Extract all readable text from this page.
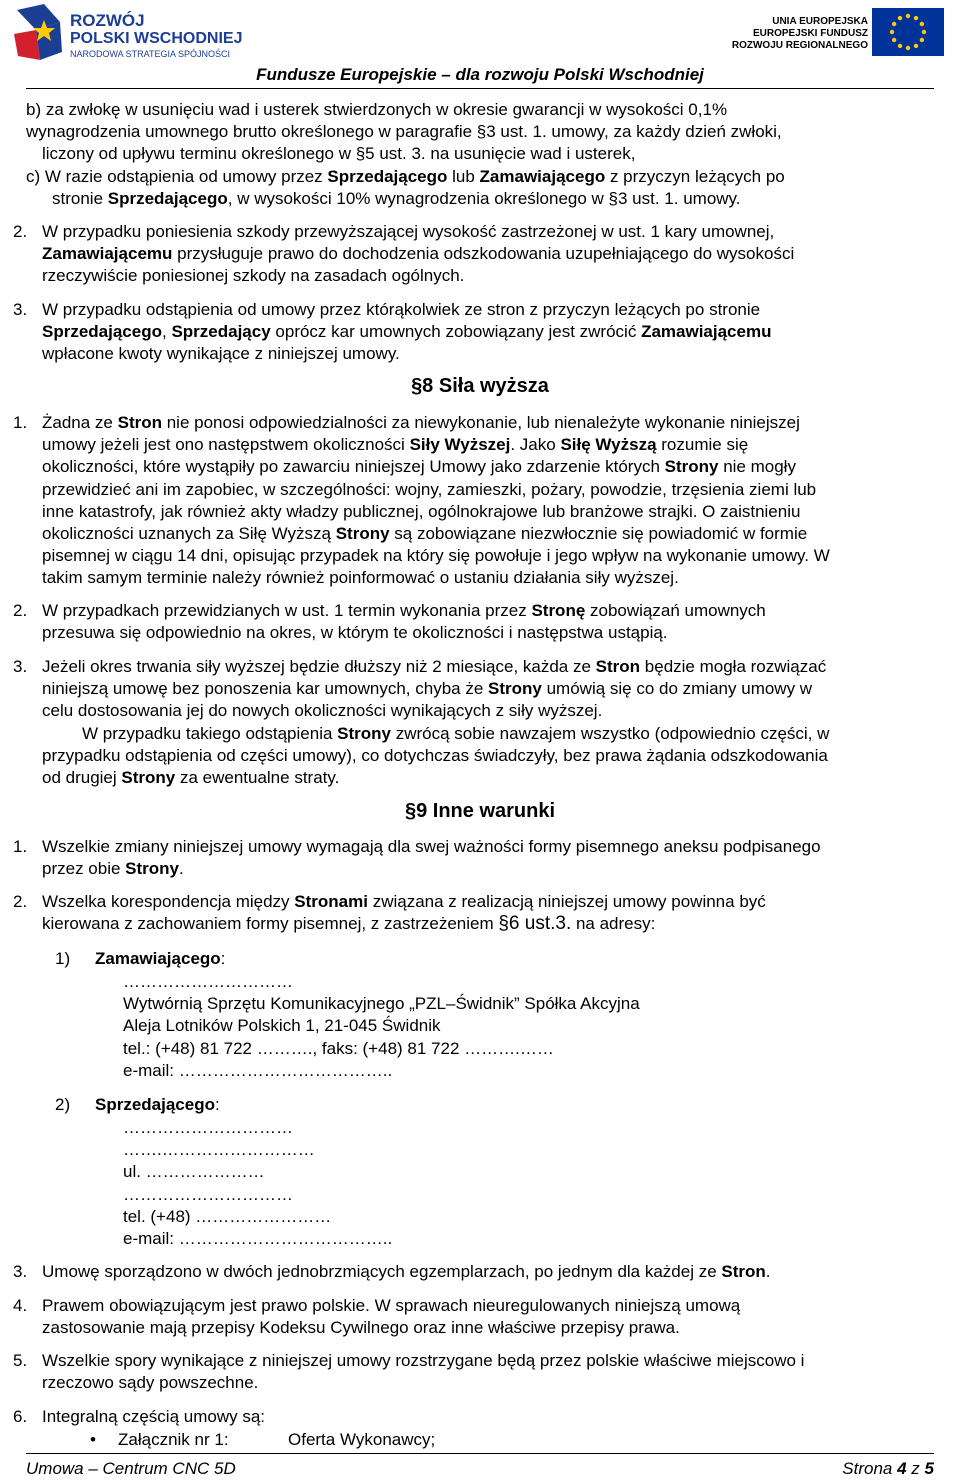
ROZWÓJ
POLSKI WSCHODNIEJ
NARODOWA STRATEGIA SPÓJNOŚCI
UNIA EUROPEJSKA
EUROPEJSKI FUNDUSZ
ROZWOJU REGIONALNEGO
Fundusze Europejskie – dla rozwoju Polski Wschodniej
b) za zwłokę w usunięciu wad i usterek stwierdzonych w okresie gwarancji w wysokości 0,1%
wynagrodzenia umownego brutto określonego w paragrafie §3 ust. 1. umowy, za każdy dzień zwłoki,
liczony od upływu terminu określonego w §5 ust. 3. na usunięcie wad i usterek,
c) W razie odstąpienia od umowy przez Sprzedającego lub Zamawiającego z przyczyn leżących po
stronie Sprzedającego, w wysokości 10% wynagrodzenia określonego w §3 ust. 1. umowy.
2. W przypadku poniesienia szkody przewyższającej wysokość zastrzeżonej w ust. 1 kary umownej,
Zamawiającemu przysługuje prawo do dochodzenia odszkodowania uzupełniającego do wysokości
rzeczywiście poniesionej szkody na zasadach ogólnych.
3. W przypadku odstąpienia od umowy przez którąkolwiek ze stron z przyczyn leżących po stronie
Sprzedającego, Sprzedający oprócz kar umownych zobowiązany jest zwrócić Zamawiającemu
wpłacone kwoty wynikające z niniejszej umowy.
§8 Siła wyższa
1. Żadna ze Stron nie ponosi odpowiedzialności za niewykonanie, lub nienależyte wykonanie niniejszej
umowy jeżeli jest ono następstwem okoliczności Siły Wyższej. Jako Siłę Wyższą rozumie się
okoliczności, które wystąpiły po zawarciu niniejszej Umowy jako zdarzenie których Strony nie mogły
przewidzieć ani im zapobiec, w szczególności: wojny, zamieszki, pożary, powodzie, trzęsienia ziemi lub
inne katastrofy, jak również akty władzy publicznej, ogólnokrajowe lub branżowe strajki. O zaistnieniu
okoliczności uznanych za Siłę Wyższą Strony są zobowiązane niezwłocznie się powiadomić w formie
pisemnej w ciągu 14 dni, opisując przypadek na który się powołuje i jego wpływ na wykonanie umowy. W
takim samym terminie należy również poinformować o ustaniu działania siły wyższej.
2. W przypadkach przewidzianych w ust. 1 termin wykonania przez Stronę zobowiązań umownych
przesuwa się odpowiednio na okres, w którym te okoliczności i następstwa ustąpią.
3. Jeżeli okres trwania siły wyższej będzie dłuższy niż 2 miesiące, każda ze Stron będzie mogła rozwiązać
niniejszą umowę bez ponoszenia kar umownych, chyba że Strony umówią się co do zmiany umowy w
celu dostosowania jej do nowych okoliczności wynikających z siły wyższej.
W przypadku takiego odstąpienia Strony zwrócą sobie nawzajem wszystko (odpowiednio części, w
przypadku odstąpienia od części umowy), co dotychczas świadczyły, bez prawa żądania odszkodowania
od drugiej Strony za ewentualne straty.
§9 Inne warunki
1. Wszelkie zmiany niniejszej umowy wymagają dla swej ważności formy pisemnego aneksu podpisanego
przez obie Strony.
2. Wszelka korespondencja między Stronami związana z realizacją niniejszej umowy powinna być
kierowana z zachowaniem formy pisemnej, z zastrzeżeniem §6 ust.3. na adresy:
1) Zamawiającego:
…………………………
Wytwórnią Sprzętu Komunikacyjnego „PZL–Świdnik” Spółka Akcyjna
Aleja Lotników Polskich 1, 21-045 Świdnik
tel.: (+48) 81 722 ………., faks: (+48) 81 722 ……….……
e-mail: ………………………………..
2) Sprzedającego:
…………………………
…….………………………
ul. …………………
…………………………
tel. (+48) ……………………
e-mail: ………………………………..
3. Umowę sporządzono w dwóch jednobrzmiących egzemplarzach, po jednym dla każdej ze Stron.
4. Prawem obowiązującym jest prawo polskie. W sprawach nieuregulowanych niniejszą umową
zastosowanie mają przepisy Kodeksu Cywilnego oraz inne właściwe przepisy prawa.
5. Wszelkie spory wynikające z niniejszej umowy rozstrzygane będą przez polskie właściwe miejscowo i
rzeczowo sądy powszechne.
6. Integralną częścią umowy są:
• Załącznik nr 1:	Oferta Wykonawcy;
Umowa – Centrum CNC 5D	Strona 4 z 5
